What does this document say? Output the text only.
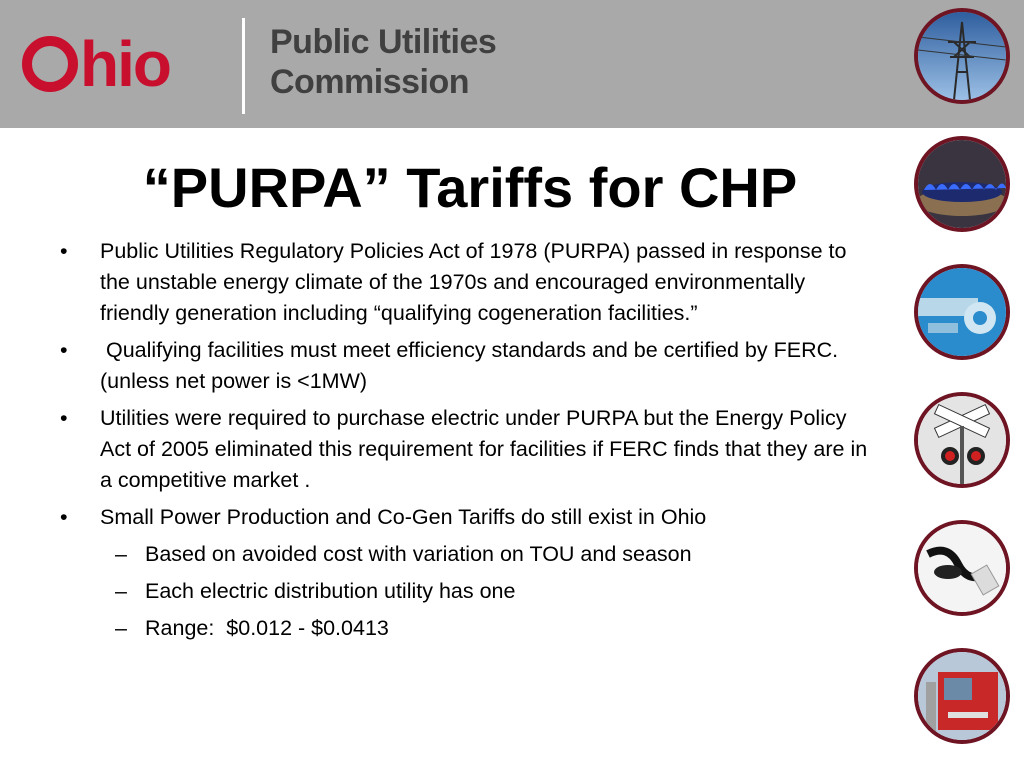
hio	Public Utilities
Commission
“PURPA” Tariffs for CHP
• Public Utilities Regulatory Policies Act of 1978 (PURPA) passed in response to the unstable energy climate of the 1970s and encouraged environmentally friendly generation including “qualifying cogeneration facilities.”
• Qualifying facilities must meet efficiency standards and be certified by FERC. (unless net power is <1MW)
• Utilities were required to purchase electric under PURPA but the Energy Policy Act of 2005 eliminated this requirement for facilities if FERC finds that they are in a competitive market .
• Small Power Production and Co-Gen Tariffs do still exist in Ohio
– Based on avoided cost with variation on TOU and season
– Each electric distribution utility has one
– Range:  $0.012 - $0.0413
